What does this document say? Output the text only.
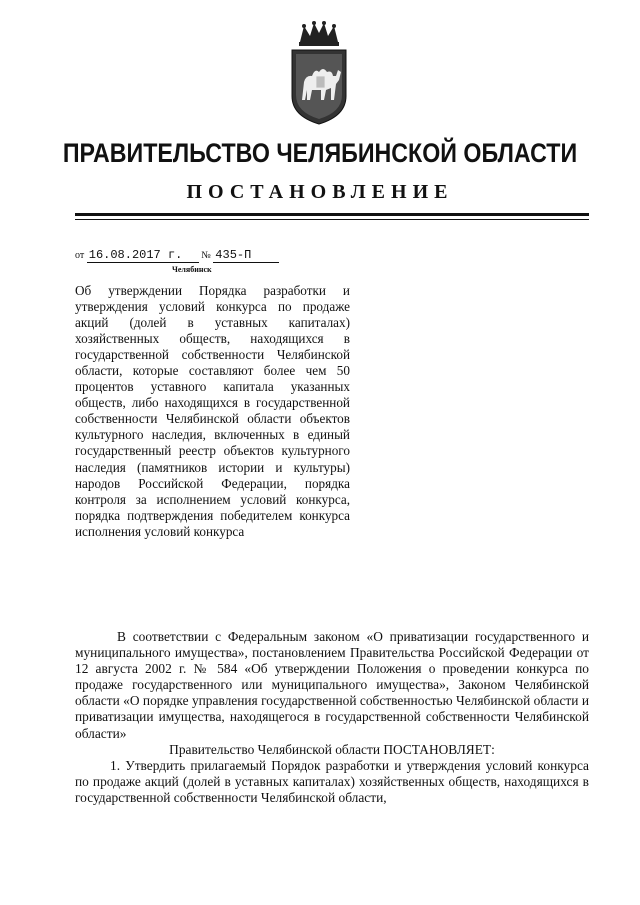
ПРАВИТЕЛЬСТВО ЧЕЛЯБИНСКОЙ ОБЛАСТИ
ПОСТАНОВЛЕНИЕ
от 16.08.2017 г. № 435-П
Челябинск
Об утверждении Порядка разработки и утверждения условий конкурса по продаже акций (долей в уставных капиталах) хозяйственных обществ, находящихся в государственной собственности Челябинской области, которые составляют более чем 50 процентов уставного капитала указанных обществ, либо находящихся в государственной собственности Челябинской области объектов культурного наследия, включенных в единый государственный реестр объектов культурного наследия (памятников истории и культуры) народов Российской Федерации, порядка контроля за исполнением условий конкурса, порядка подтверждения победителем конкурса исполнения условий конкурса

В соответствии с Федеральным законом «О приватизации государственного и муниципального имущества», постановлением Правительства Российской Федерации от 12 августа 2002 г. № 584 «Об утверждении Положения о проведении конкурса по продаже государственного или муниципального имущества», Законом Челябинской области «О порядке управления государственной собственностью Челябинской области и приватизации имущества, находящегося в государственной собственности Челябинской области»

Правительство Челябинской области ПОСТАНОВЛЯЕТ:

1. Утвердить прилагаемый Порядок разработки и утверждения условий конкурса по продаже акций (долей в уставных капиталах) хозяйственных обществ, находящихся в государственной собственности Челябинской области,
